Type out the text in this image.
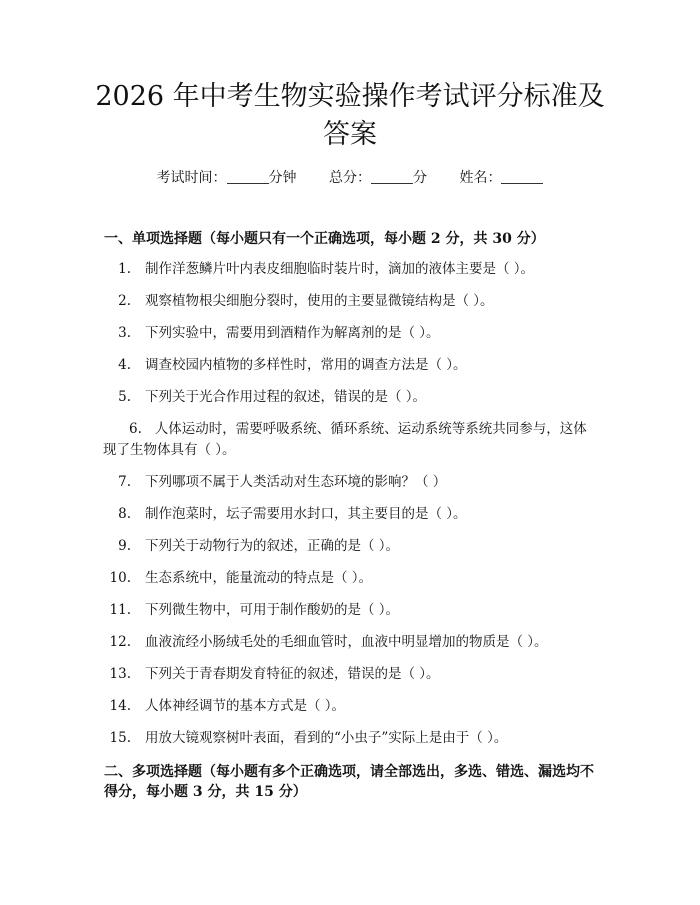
2026 年中考生物实验操作考试评分标准及答案
考试时间：	分钟 总分：	分 姓名：
一、单项选择题（每小题只有一个正确选项，每小题 2 分，共 30 分）
1. 制作洋葱鳞片叶内表皮细胞临时装片时，滴加的液体主要是（ ）。
2. 观察植物根尖细胞分裂时，使用的主要显微镜结构是（ ）。
3. 下列实验中，需要用到酒精作为解离剂的是（ ）。
4. 调查校园内植物的多样性时，常用的调查方法是（ ）。
5. 下列关于光合作用过程的叙述，错误的是（ ）。
6. 人体运动时，需要呼吸系统、循环系统、运动系统等系统共同参与，这体现了生物体具有（ ）。
7. 下列哪项不属于人类活动对生态环境的影响？（ ）
8. 制作泡菜时，坛子需要用水封口，其主要目的是（ ）。
9. 下列关于动物行为的叙述，正确的是（ ）。
10. 生态系统中，能量流动的特点是（ ）。
11. 下列微生物中，可用于制作酸奶的是（ ）。
12. 血液流经小肠绒毛处的毛细血管时，血液中明显增加的物质是（ ）。
13. 下列关于青春期发育特征的叙述，错误的是（ ）。
14. 人体神经调节的基本方式是（ ）。
15. 用放大镜观察树叶表面，看到的“小虫子”实际上是由于（ ）。
二、多项选择题（每小题有多个正确选项，请全部选出，多选、错选、漏选均不得分，每小题 3 分，共 15 分）
